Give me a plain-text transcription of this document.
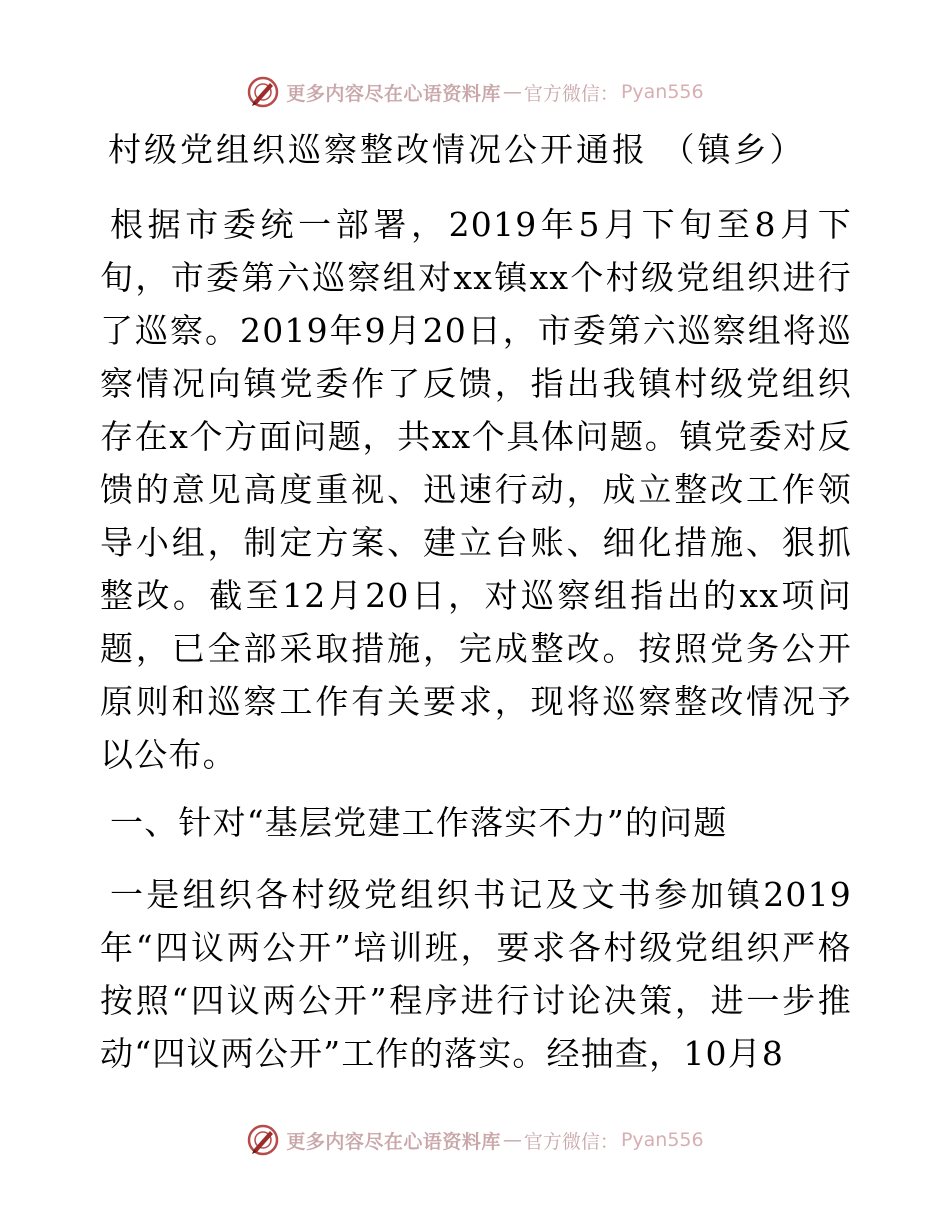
更多内容尽在心语资料库 — 官方微信： Pyan556
村级党组织巡察整改情况公开通报 （镇乡）
根据市委统一部署，2019年5月下旬至8月下旬，市委第六巡察组对xx镇xx个村级党组织进行了巡察。2019年9月20日，市委第六巡察组将巡察情况向镇党委作了反馈，指出我镇村级党组织存在x个方面问题，共xx个具体问题。镇党委对反馈的意见高度重视、迅速行动，成立整改工作领导小组，制定方案、建立台账、细化措施、狠抓整改。截至12月20日，对巡察组指出的xx项问题，已全部采取措施，完成整改。按照党务公开原则和巡察工作有关要求，现将巡察整改情况予以公布。
一、针对“基层党建工作落实不力”的问题
一是组织各村级党组织书记及文书参加镇2019年“四议两公开”培训班，要求各村级党组织严格按照“四议两公开”程序进行讨论决策，进一步推动“四议两公开”工作的落实。经抽查，10月8
更多内容尽在心语资料库 — 官方微信： Pyan556
